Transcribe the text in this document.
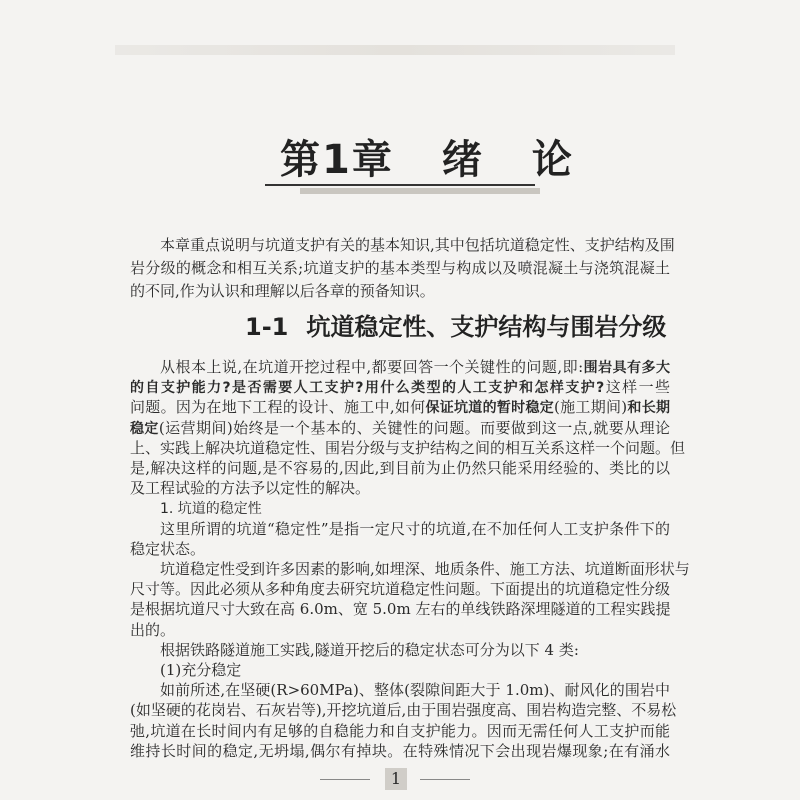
第1章 绪 论
本章重点说明与坑道支护有关的基本知识,其中包括坑道稳定性、支护结构及围
岩分级的概念和相互关系;坑道支护的基本类型与构成以及喷混凝土与浇筑混凝土
的不同,作为认识和理解以后各章的预备知识。
1-1 坑道稳定性、支护结构与围岩分级
从根本上说,在坑道开挖过程中,都要回答一个关键性的问题,即:围岩具有多大
的自支护能力?是否需要人工支护?用什么类型的人工支护和怎样支护?这样一些
问题。因为在地下工程的设计、施工中,如何保证坑道的暂时稳定(施工期间)和长期
稳定(运营期间)始终是一个基本的、关键性的问题。而要做到这一点,就要从理论
上、实践上解决坑道稳定性、围岩分级与支护结构之间的相互关系这样一个问题。但
是,解决这样的问题,是不容易的,因此,到目前为止仍然只能采用经验的、类比的以
及工程试验的方法予以定性的解决。
1. 坑道的稳定性
这里所谓的坑道“稳定性”是指一定尺寸的坑道,在不加任何人工支护条件下的
稳定状态。
坑道稳定性受到许多因素的影响,如埋深、地质条件、施工方法、坑道断面形状与
尺寸等。因此必须从多种角度去研究坑道稳定性问题。下面提出的坑道稳定性分级
是根据坑道尺寸大致在高 6.0m、宽 5.0m 左右的单线铁路深埋隧道的工程实践提
出的。
根据铁路隧道施工实践,隧道开挖后的稳定状态可分为以下 4 类:
(1)充分稳定
如前所述,在坚硬(R>60MPa)、整体(裂隙间距大于 1.0m)、耐风化的围岩中
(如坚硬的花岗岩、石灰岩等),开挖坑道后,由于围岩强度高、围岩构造完整、不易松
弛,坑道在长时间内有足够的自稳能力和自支护能力。因而无需任何人工支护而能
维持长时间的稳定,无坍塌,偶尔有掉块。在特殊情况下会出现岩爆现象;在有涌水
1
